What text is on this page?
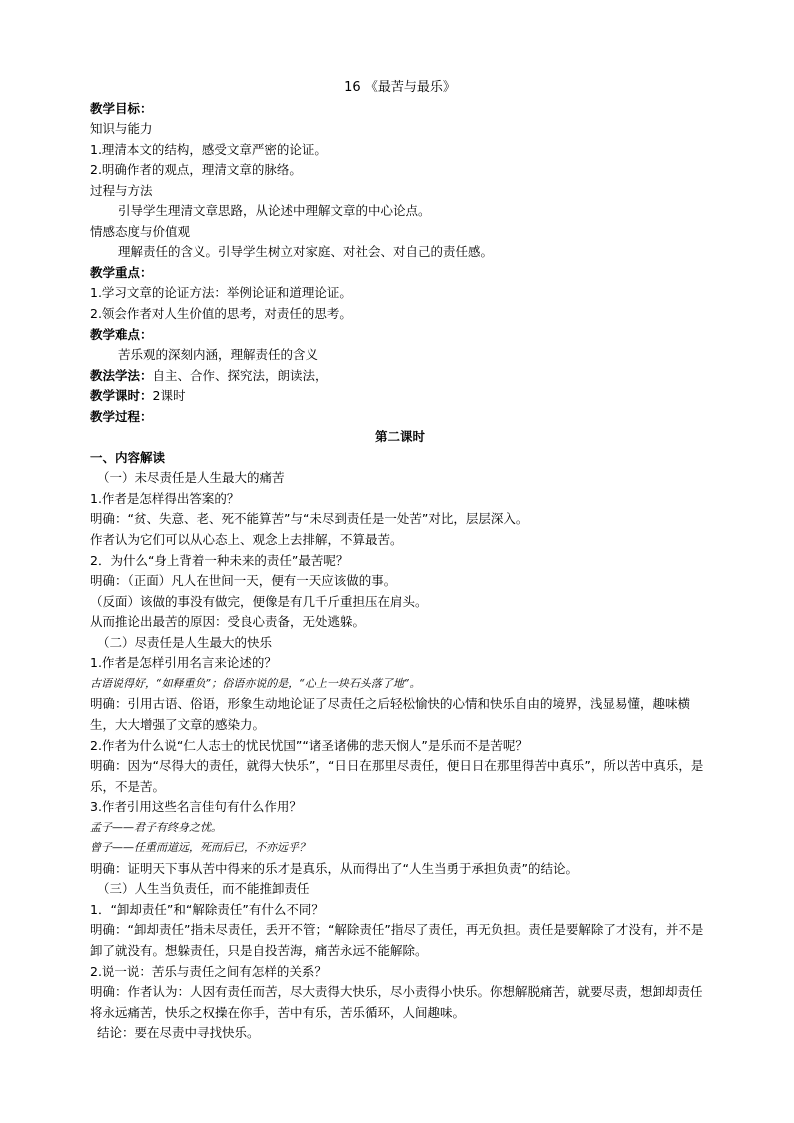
16 《最苦与最乐》
教学目标：
知识与能力
1.理清本文的结构，感受文章严密的论证。
2.明确作者的观点，理清文章的脉络。
过程与方法
引导学生理清文章思路，从论述中理解文章的中心论点。
情感态度与价值观
理解责任的含义。引导学生树立对家庭、对社会、对自己的责任感。
教学重点：
1.学习文章的论证方法：举例论证和道理论证。
2.领会作者对人生价值的思考，对责任的思考。
教学难点：
苦乐观的深刻内涵，理解责任的含义
教法学法：自主、合作、探究法，朗读法，
教学课时：2课时
教学过程：
第二课时
一、内容解读
（一）未尽责任是人生最大的痛苦
1.作者是怎样得出答案的？
明确：“贫、失意、老、死不能算苦”与“未尽到责任是一处苦”对比，层层深入。
作者认为它们可以从心态上、观念上去排解，不算最苦。
2．为什么“身上背着一种未来的责任”最苦呢？
明确：（正面）凡人在世间一天，便有一天应该做的事。
（反面）该做的事没有做完，便像是有几千斤重担压在肩头。
从而推论出最苦的原因：受良心责备，无处逃躲。
（二）尽责任是人生最大的快乐
1.作者是怎样引用名言来论述的？
古语说得好，“如释重负”；俗语亦说的是，“心上一块石头落了地”。
明确：引用古语、俗语，形象生动地论证了尽责任之后轻松愉快的心情和快乐自由的境界，浅显易懂，趣味横生，大大增强了文章的感染力。
2.作者为什么说“仁人志士的忧民忧国”“诸圣诸佛的悲天悯人”是乐而不是苦呢？
明确：因为“尽得大的责任，就得大快乐”，“日日在那里尽责任，便日日在那里得苦中真乐”，所以苦中真乐，是乐，不是苦。
3.作者引用这些名言佳句有什么作用？
孟子——君子有终身之忧。
曾子——任重而道远，死而后已，不亦远乎？
明确：证明天下事从苦中得来的乐才是真乐，从而得出了“人生当勇于承担负责”的结论。
（三）人生当负责任，而不能推卸责任
1．“卸却责任”和“解除责任”有什么不同？
明确：“卸却责任”指未尽责任，丢开不管；“解除责任”指尽了责任，再无负担。责任是要解除了才没有，并不是卸了就没有。想躲责任，只是自投苦海，痛苦永远不能解除。
2.说一说：苦乐与责任之间有怎样的关系？
明确：作者认为：人因有责任而苦，尽大责得大快乐，尽小责得小快乐。你想解脱痛苦，就要尽责，想卸却责任将永远痛苦，快乐之权操在你手，苦中有乐，苦乐循环，人间趣味。
结论：要在尽责中寻找快乐。
